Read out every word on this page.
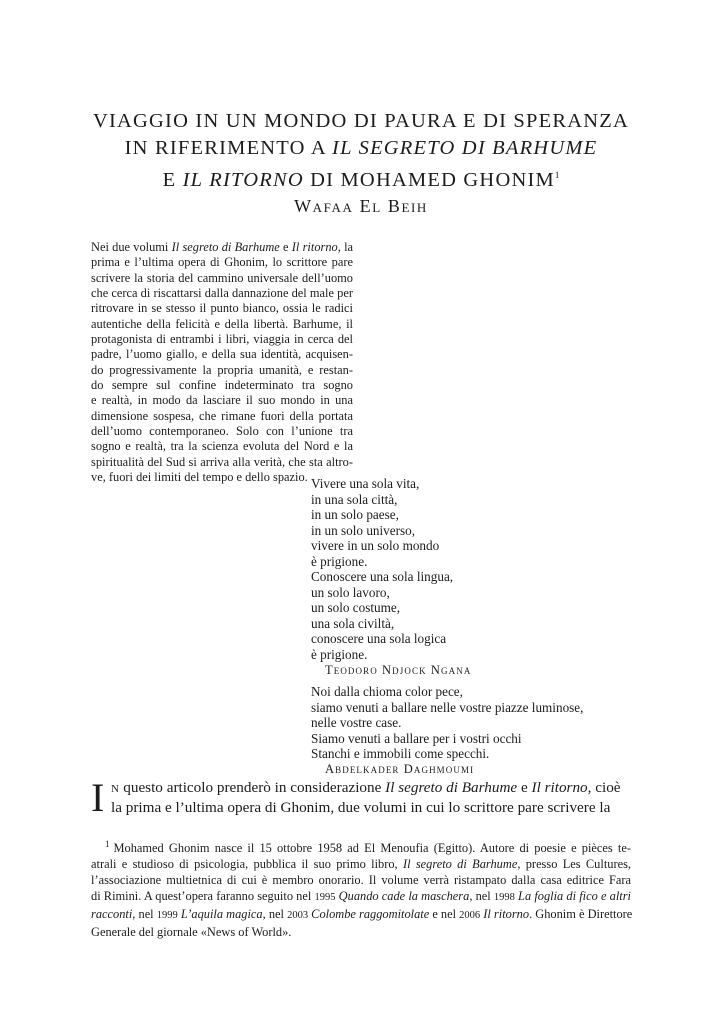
VIAGGIO IN UN MONDO DI PAURA E DI SPERANZA
IN RIFERIMENTO A IL SEGRETO DI BARHUME
E IL RITORNO DI MOHAMED GHONIM$^1$
Wafaa El Beih
Nei due volumi Il segreto di Barhume e Il ritorno, la
prima e l’ultima opera di Ghonim, lo scrittore pare
scrivere la storia del cammino universale dell’uomo
che cerca di riscattarsi dalla dannazione del male per
ritrovare in se stesso il punto bianco, ossia le radici
autentiche della felicità e della libertà. Barhume, il
protagonista di entrambi i libri, viaggia in cerca del
padre, l’uomo giallo, e della sua identità, acquisen-
do progressivamente la propria umanità, e restan-
do sempre sul confine indeterminato tra sogno
e realtà, in modo da lasciare il suo mondo in una
dimensione sospesa, che rimane fuori della portata
dell’uomo contemporaneo. Solo con l’unione tra
sogno e realtà, tra la scienza evoluta del Nord e la
spiritualità del Sud si arriva alla verità, che sta altro-
ve, fuori dei limiti del tempo e dello spazio. Vivere una sola vita,
in una sola città,
in un solo paese,
in un solo universo,
vivere in un solo mondo
è prigione.
Conoscere una sola lingua,
un solo lavoro,
un solo costume,
una sola civiltà,
conoscere una sola logica
è prigione.
Teodoro Ndjock Ngana
Noi dalla chioma color pece,
siamo venuti a ballare nelle vostre piazze luminose,
nelle vostre case.
Siamo venuti a ballare per i vostri occhi
Stanchi e immobili come specchi.
Abdelkader Daghmoumi
I n questo articolo prenderò in considerazione Il segreto di Barhume e Il ritorno, cioè
la prima e l’ultima opera di Ghonim, due volumi in cui lo scrittore pare scrivere la
$^1$ Mohamed Ghonim nasce il 15 ottobre 1958 ad El Menoufia (Egitto). Autore di poesie e pièces te-
atrali e studioso di psicologia, pubblica il suo primo libro, Il segreto di Barhume, presso Les Cultures,
l’associazione multietnica di cui è membro onorario. Il volume verrà ristampato dalla casa editrice Fara
di Rimini. A quest’opera faranno seguito nel 1995 Quando cade la maschera, nel 1998 La foglia di fico e altri
racconti, nel 1999 L’aquila magica, nel 2003 Colombe raggomitolate e nel 2006 Il ritorno. Ghonim è Direttore
Generale del giornale «News of World».
